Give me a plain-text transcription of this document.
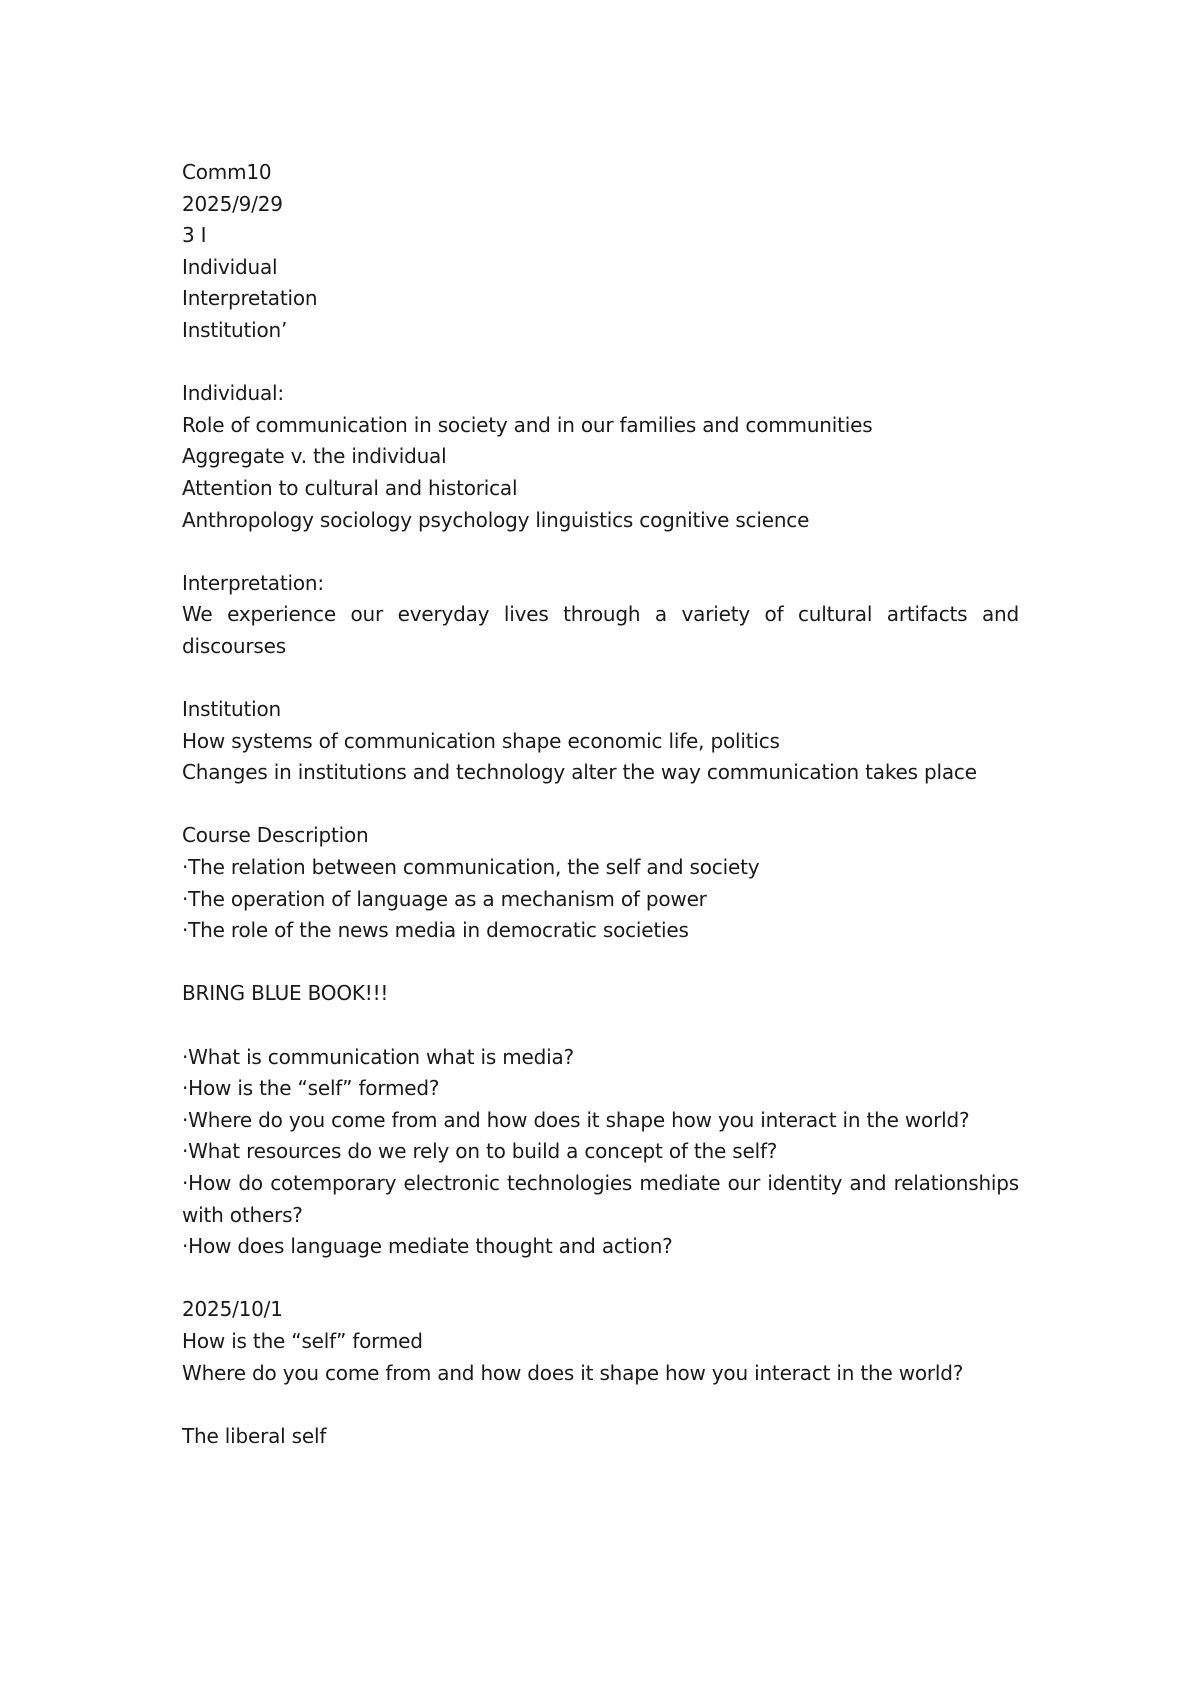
Comm10
2025/9/29
3 I
Individual
Interpretation
Institution’
Individual:
Role of communication in society and in our families and communities
Aggregate v. the individual
Attention to cultural and historical
Anthropology sociology psychology linguistics cognitive science
Interpretation:
We experience our everyday lives through a variety of cultural artifacts and discourses
Institution
How systems of communication shape economic life, politics
Changes in institutions and technology alter the way communication takes place
Course Description
·The relation between communication, the self and society
·The operation of language as a mechanism of power
·The role of the news media in democratic societies
BRING BLUE BOOK!!!
·What is communication what is media?
·How is the “self” formed?
·Where do you come from and how does it shape how you interact in the world?
·What resources do we rely on to build a concept of the self?
·How do cotemporary electronic technologies mediate our identity and relationships with others?
·How does language mediate thought and action?
2025/10/1
How is the “self” formed
Where do you come from and how does it shape how you interact in the world?
The liberal self
